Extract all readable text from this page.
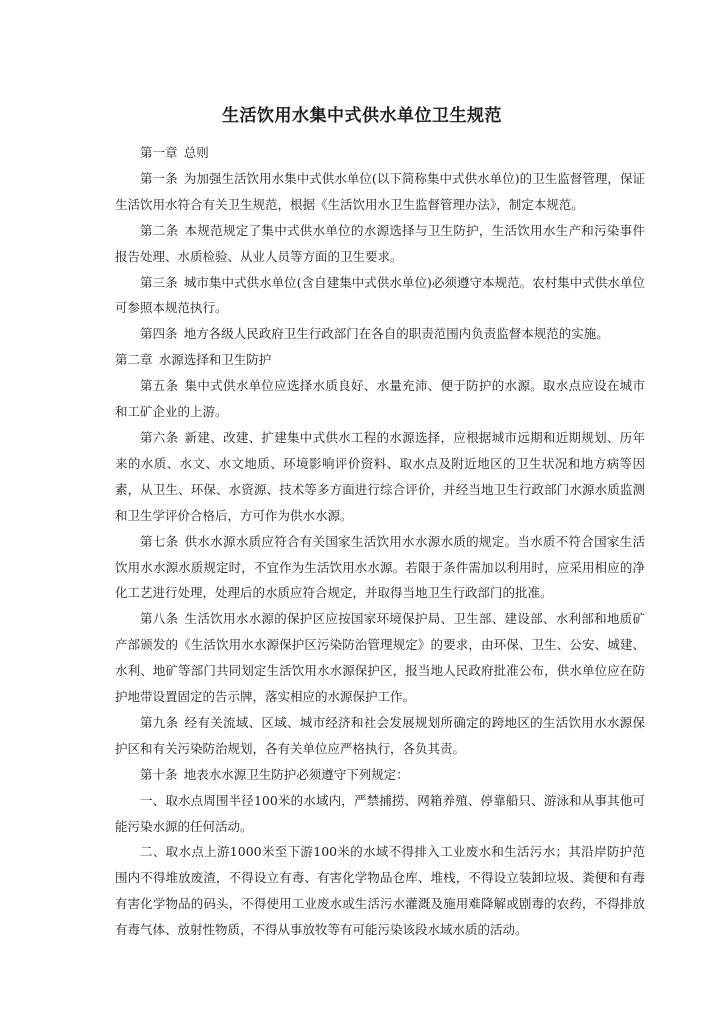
生活饮用水集中式供水单位卫生规范

第一章 总则

第一条 为加强生活饮用水集中式供水单位(以下简称集中式供水单位)的卫生监督管理，保证生活饮用水符合有关卫生规范，根据《生活饮用水卫生监督管理办法》，制定本规范。

第二条 本规范规定了集中式供水单位的水源选择与卫生防护，生活饮用水生产和污染事件报告处理、水质检验、从业人员等方面的卫生要求。

第三条 城市集中式供水单位(含自建集中式供水单位)必须遵守本规范。农村集中式供水单位可参照本规范执行。

第四条 地方各级人民政府卫生行政部门在各自的职责范围内负责监督本规范的实施。

第二章 水源选择和卫生防护

第五条 集中式供水单位应选择水质良好、水量充沛、便于防护的水源。取水点应设在城市和工矿企业的上游。

第六条 新建、改建、扩建集中式供水工程的水源选择，应根据城市远期和近期规划、历年来的水质、水文、水文地质、环境影响评价资料、取水点及附近地区的卫生状况和地方病等因素，从卫生、环保、水资源、技术等多方面进行综合评价，并经当地卫生行政部门水源水质监测和卫生学评价合格后，方可作为供水水源。

第七条 供水水源水质应符合有关国家生活饮用水水源水质的规定。当水质不符合国家生活饮用水水源水质规定时，不宜作为生活饮用水水源。若限于条件需加以利用时，应采用相应的净化工艺进行处理，处理后的水质应符合规定，并取得当地卫生行政部门的批准。

第八条 生活饮用水水源的保护区应按国家环境保护局、卫生部、建设部、水利部和地质矿产部颁发的《生活饮用水水源保护区污染防治管理规定》的要求，由环保、卫生、公安、城建、水利、地矿等部门共同划定生活饮用水水源保护区，报当地人民政府批准公布，供水单位应在防护地带设置固定的告示牌，落实相应的水源保护工作。

第九条 经有关流域、区域、城市经济和社会发展规划所确定的跨地区的生活饮用水水源保护区和有关污染防治规划，各有关单位应严格执行，各负其责。

第十条 地表水水源卫生防护必须遵守下列规定：

一、取水点周围半径100米的水域内，严禁捕捞、网箱养殖、停靠船只、游泳和从事其他可能污染水源的任何活动。

二、取水点上游1000米至下游100米的水域不得排入工业废水和生活污水；其沿岸防护范围内不得堆放废渣，不得设立有毒、有害化学物品仓库、堆栈，不得设立装卸垃圾、粪便和有毒有害化学物品的码头，不得使用工业废水或生活污水灌溉及施用难降解或剧毒的农药，不得排放有毒气体、放射性物质，不得从事放牧等有可能污染该段水域水质的活动。
